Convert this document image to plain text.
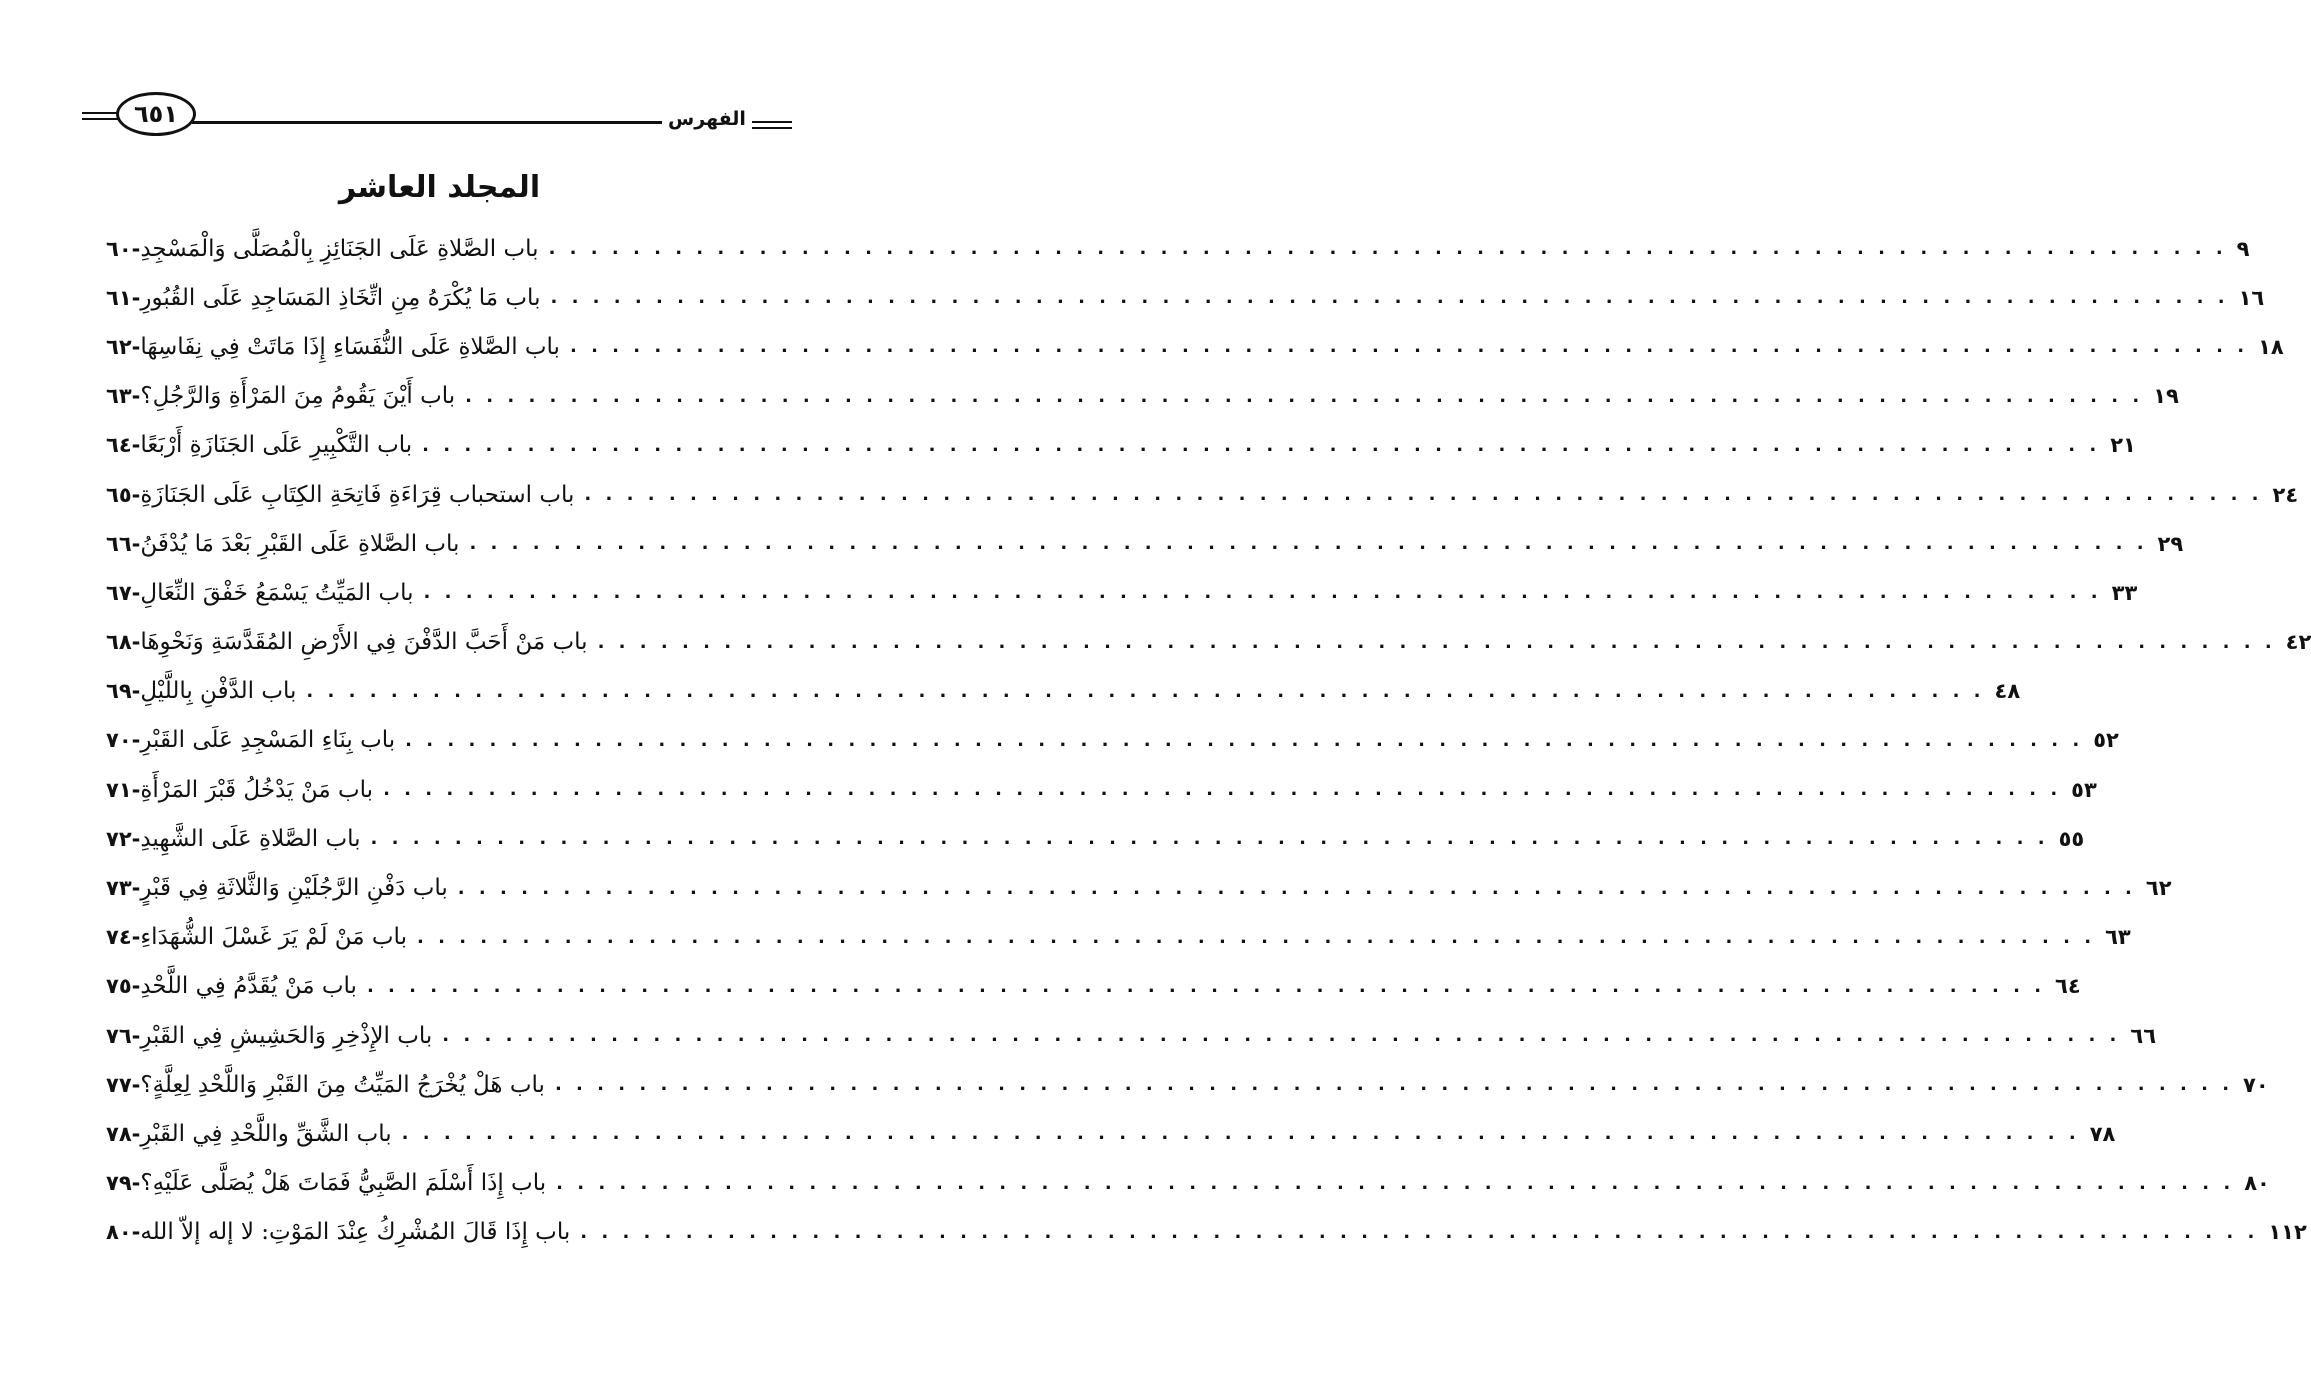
٦٥١	الفهرس
المجلد العاشر
-٦٠ باب الصَّلاةِ عَلَى الجَنَائِزِ بِالْمُصَلَّى وَالْمَسْجِدِ . . . . . . . . . . . . . . . . . . . . . . . . . . . . . . . . . . . . . . . . . . . . . . . . . . . . . . . . . . . . . . . . . . . . . . . . . . . . . . . . ٩
-٦١ باب مَا يُكْرَهُ مِنِ اتِّخَاذِ المَسَاجِدِ عَلَى القُبُورِ . . . . . . . . . . . . . . . . . . . . . . . . . . . . . . . . . . . . . . . . . . . . . . . . . . . . . . . . . . . . . . . . . . . . . . . . . . . . . . . . ١٦
-٦٢ باب الصَّلاةِ عَلَى النُّفَسَاءِ إِذَا مَاتَتْ فِي نِفَاسِهَا . . . . . . . . . . . . . . . . . . . . . . . . . . . . . . . . . . . . . . . . . . . . . . . . . . . . . . . . . . . . . . . . . . . . . . . . . . . . . . . . ١٨
-٦٣ باب أَيْنَ يَقُومُ مِنَ المَرْأَةِ وَالرَّجُلِ؟ . . . . . . . . . . . . . . . . . . . . . . . . . . . . . . . . . . . . . . . . . . . . . . . . . . . . . . . . . . . . . . . . . . . . . . . . . . . . . . . . ١٩
-٦٤ باب التَّكْبِيرِ عَلَى الجَنَازَةِ أَرْبَعًا . . . . . . . . . . . . . . . . . . . . . . . . . . . . . . . . . . . . . . . . . . . . . . . . . . . . . . . . . . . . . . . . . . . . . . . . . . . . . . . . ٢١
-٦٥ باب استحباب قِرَاءَةِ فَاتِحَةِ الكِتَابِ عَلَى الجَنَازَةِ . . . . . . . . . . . . . . . . . . . . . . . . . . . . . . . . . . . . . . . . . . . . . . . . . . . . . . . . . . . . . . . . . . . . . . . . . . . . . . . . ٢٤
-٦٦ باب الصَّلاةِ عَلَى القَبْرِ بَعْدَ مَا يُدْفَنُ . . . . . . . . . . . . . . . . . . . . . . . . . . . . . . . . . . . . . . . . . . . . . . . . . . . . . . . . . . . . . . . . . . . . . . . . . . . . . . . . ٢٩
-٦٧ باب المَيِّتُ يَسْمَعُ خَفْقَ النِّعَالِ . . . . . . . . . . . . . . . . . . . . . . . . . . . . . . . . . . . . . . . . . . . . . . . . . . . . . . . . . . . . . . . . . . . . . . . . . . . . . . . . ٣٣
-٦٨ باب مَنْ أَحَبَّ الدَّفْنَ فِي الأَرْضِ المُقَدَّسَةِ وَنَحْوِهَا . . . . . . . . . . . . . . . . . . . . . . . . . . . . . . . . . . . . . . . . . . . . . . . . . . . . . . . . . . . . . . . . . . . . . . . . . . . . . . . . ٤٢
-٦٩ باب الدَّفْنِ بِاللَّيْلِ . . . . . . . . . . . . . . . . . . . . . . . . . . . . . . . . . . . . . . . . . . . . . . . . . . . . . . . . . . . . . . . . . . . . . . . . . . . . . . . . ٤٨
-٧٠ باب بِنَاءِ المَسْجِدِ عَلَى القَبْرِ . . . . . . . . . . . . . . . . . . . . . . . . . . . . . . . . . . . . . . . . . . . . . . . . . . . . . . . . . . . . . . . . . . . . . . . . . . . . . . . . ٥٢
-٧١ باب مَنْ يَدْخُلُ قَبْرَ المَرْأَةِ . . . . . . . . . . . . . . . . . . . . . . . . . . . . . . . . . . . . . . . . . . . . . . . . . . . . . . . . . . . . . . . . . . . . . . . . . . . . . . . . ٥٣
-٧٢ باب الصَّلاةِ عَلَى الشَّهِيدِ . . . . . . . . . . . . . . . . . . . . . . . . . . . . . . . . . . . . . . . . . . . . . . . . . . . . . . . . . . . . . . . . . . . . . . . . . . . . . . . . ٥٥
-٧٣ باب دَفْنِ الرَّجُلَيْنِ وَالثَّلاثَةِ فِي قَبْرٍ . . . . . . . . . . . . . . . . . . . . . . . . . . . . . . . . . . . . . . . . . . . . . . . . . . . . . . . . . . . . . . . . . . . . . . . . . . . . . . . . ٦٢
-٧٤ باب مَنْ لَمْ يَرَ غَسْلَ الشُّهَدَاءِ . . . . . . . . . . . . . . . . . . . . . . . . . . . . . . . . . . . . . . . . . . . . . . . . . . . . . . . . . . . . . . . . . . . . . . . . . . . . . . . . ٦٣
-٧٥ باب مَنْ يُقَدَّمُ فِي اللَّحْدِ . . . . . . . . . . . . . . . . . . . . . . . . . . . . . . . . . . . . . . . . . . . . . . . . . . . . . . . . . . . . . . . . . . . . . . . . . . . . . . . . ٦٤
-٧٦ باب الإِذْخِرِ وَالحَشِيشِ فِي القَبْرِ . . . . . . . . . . . . . . . . . . . . . . . . . . . . . . . . . . . . . . . . . . . . . . . . . . . . . . . . . . . . . . . . . . . . . . . . . . . . . . . . ٦٦
-٧٧ باب هَلْ يُخْرَجُ المَيِّتُ مِنَ القَبْرِ وَاللَّحْدِ لِعِلَّةٍ؟ . . . . . . . . . . . . . . . . . . . . . . . . . . . . . . . . . . . . . . . . . . . . . . . . . . . . . . . . . . . . . . . . . . . . . . . . . . . . . . . . ٧٠
-٧٨ باب الشَّقِّ واللَّحْدِ فِي القَبْرِ . . . . . . . . . . . . . . . . . . . . . . . . . . . . . . . . . . . . . . . . . . . . . . . . . . . . . . . . . . . . . . . . . . . . . . . . . . . . . . . . ٧٨
-٧٩ باب إِذَا أَسْلَمَ الصَّبِيُّ فَمَاتَ هَلْ يُصَلَّى عَلَيْهِ؟ . . . . . . . . . . . . . . . . . . . . . . . . . . . . . . . . . . . . . . . . . . . . . . . . . . . . . . . . . . . . . . . . . . . . . . . . . . . . . . . . ٨٠
-٨٠ باب إِذَا قَالَ المُشْرِكُ عِنْدَ المَوْتِ: لا إله إلاّ الله . . . . . . . . . . . . . . . . . . . . . . . . . . . . . . . . . . . . . . . . . . . . . . . . . . . . . . . . . . . . . . . . . . . . . . . . . . . . . . . . ١١٢
